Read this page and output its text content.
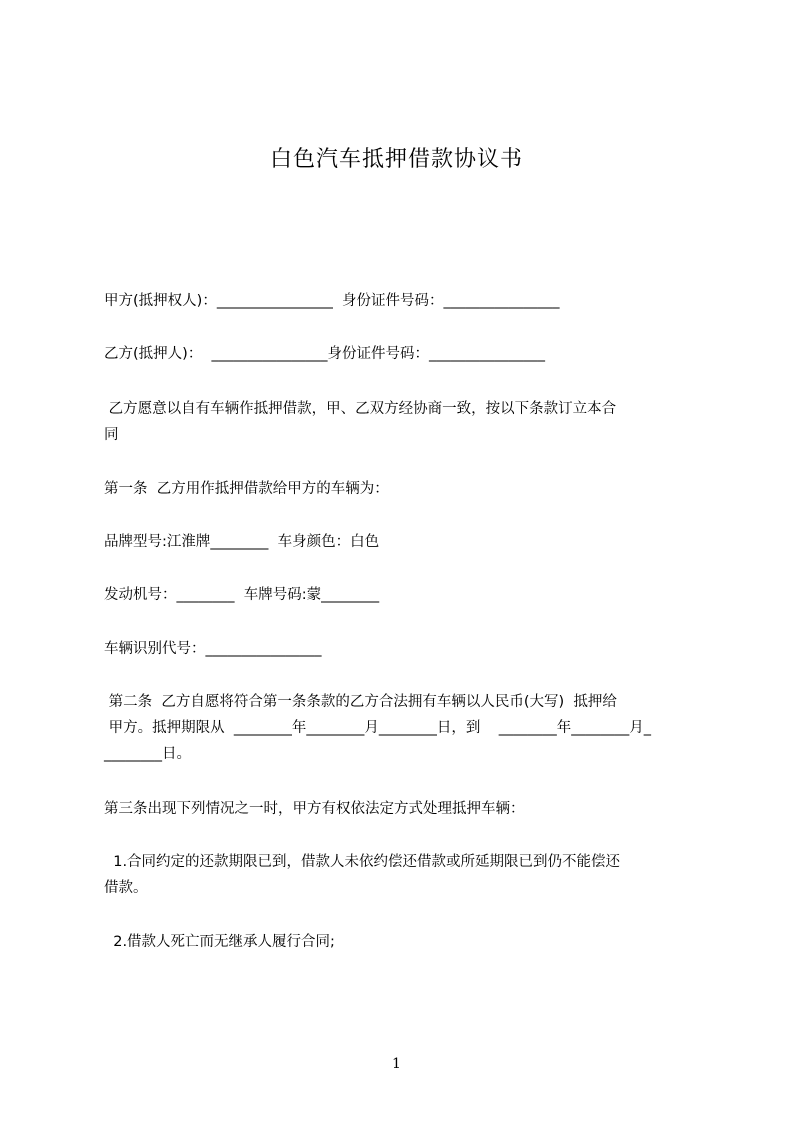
白色汽车抵押借款协议书
甲方(抵押权人)：________________  身份证件号码：________________
乙方(抵押人)：  ________________身份证件号码：________________
乙方愿意以自有车辆作抵押借款，甲、乙双方经协商一致，按以下条款订立本合
同
第一条  乙方用作抵押借款给甲方的车辆为：
品牌型号:江淮牌________  车身颜色：白色
发动机号：________  车牌号码:蒙________
车辆识别代号：________________
第二条  乙方自愿将符合第一条条款的乙方合法拥有车辆以人民币(大写)  抵押给
甲方。抵押期限从  ________年________月________日，到    ________年________月_
________日。
第三条出现下列情况之一时，甲方有权依法定方式处理抵押车辆：
1.合同约定的还款期限已到，借款人未依约偿还借款或所延期限已到仍不能偿还
借款。
2.借款人死亡而无继承人履行合同;
1
